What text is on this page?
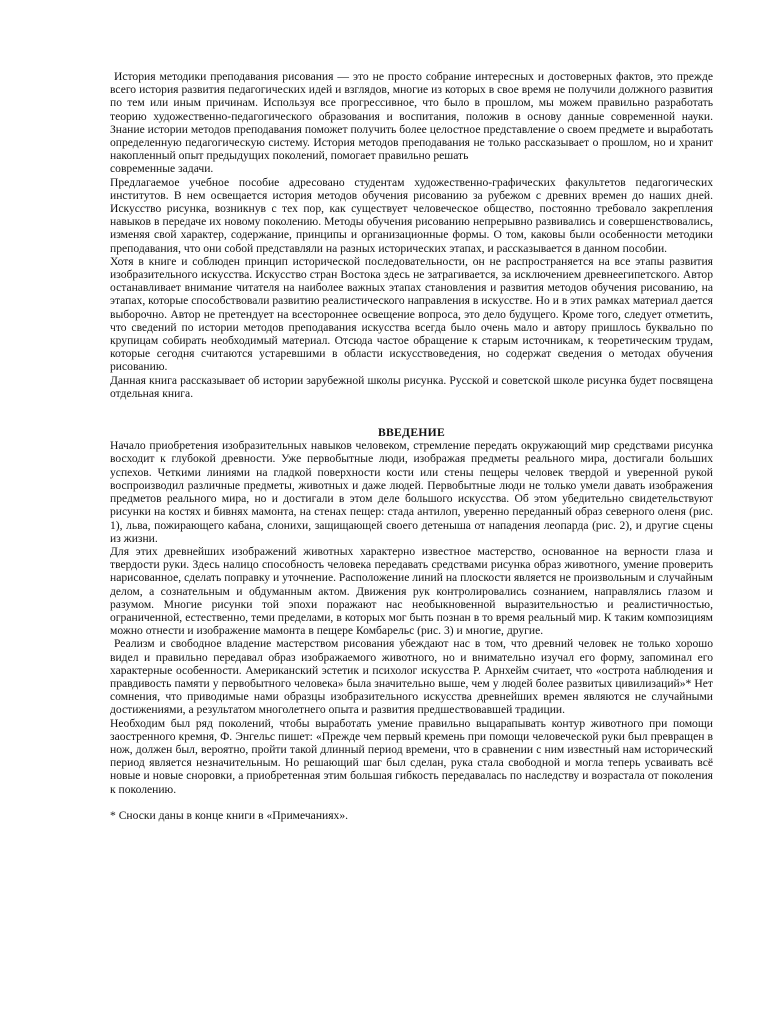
История методики преподавания рисования — это не просто собрание интересных и достоверных фактов, это прежде всего история развития педагогических идей и взглядов, многие из которых в свое время не получили должного развития по тем или иным причинам. Используя все прогрессивное, что было в прошлом, мы можем правильно разработать теорию художественно-педагогического образования и воспитания, положив в основу данные современной науки. Знание истории методов преподавания поможет получить более целостное представление о своем предмете и выработать определенную педагогическую систему. История методов преподавания не только рассказывает о прошлом, но и хранит накопленный опыт предыдущих поколений, помогает правильно решать

современные задачи.

Предлагаемое учебное пособие адресовано студентам художественно-графических факультетов педагогических институтов. В нем освещается история методов обучения рисованию за рубежом с древних времен до наших дней. Искусство рисунка, возникнув с тех пор, как существует человеческое общество, постоянно требовало закрепления навыков в передаче их новому поколению. Методы обучения рисованию непрерывно развивались и совершенствовались, изменяя свой характер, содержание, принципы и организационные формы. О том, каковы были особенности методики преподавания, что они собой представляли на разных исторических этапах, и рассказывается в данном пособии.

Хотя в книге и соблюден принцип исторической последовательности, он не распространяется на все этапы развития изобразительного искусства. Искусство стран Востока здесь не затрагивается, за исключением древнеегипетского. Автор останавливает внимание читателя на наиболее важных этапах становления и развития методов обучения рисованию, на этапах, которые способствовали развитию реалистического направления в искусстве. Но и в этих рамках материал дается выборочно. Автор не претендует на всестороннее освещение вопроса, это дело будущего. Кроме того, следует отметить, что сведений по истории методов преподавания искусства всегда было очень мало и автору пришлось буквально по крупицам собирать необходимый материал. Отсюда частое обращение к старым источникам, к теоретическим трудам, которые сегодня считаются устаревшими в области искусствоведения, но содержат сведения о методах обучения рисованию.

Данная книга рассказывает об истории зарубежной школы рисунка. Русской и советской школе рисунка будет посвящена отдельная книга.

ВВЕДЕНИЕ

Начало приобретения изобразительных навыков человеком, стремление передать окружающий мир средствами рисунка восходит к глубокой древности. Уже первобытные люди, изображая предметы реального мира, достигали больших успехов. Четкими линиями на гладкой поверхности кости или стены пещеры человек твердой и уверенной рукой воспроизводил различные предметы, животных и даже людей. Первобытные люди не только умели давать изображения предметов реального мира, но и достигали в этом деле большого искусства. Об этом убедительно свидетельствуют рисунки на костях и бивнях мамонта, на стенах пещер: стада антилоп, уверенно переданный образ северного оленя (рис. 1), льва, пожирающего кабана, слонихи, защищающей своего детеныша от нападения леопарда (рис. 2), и другие сцены из жизни.

Для этих древнейших изображений животных характерно известное мастерство, основанное на верности глаза и твердости руки. Здесь налицо способность человека передавать средствами рисунка образ животного, умение проверить нарисованное, сделать поправку и уточнение. Расположение линий на плоскости является не произвольным и случайным делом, а сознательным и обдуманным актом. Движения рук контролировались сознанием, направлялись глазом и разумом. Многие рисунки той эпохи поражают нас необыкновенной выразительностью и реалистичностью, ограниченной, естественно, теми пределами, в которых мог быть познан в то время реальный мир. К таким композициям можно отнести и изображение мамонта в пещере Комбарельс (рис. 3) и многие, другие.

Реализм и свободное владение мастерством рисования убеждают нас в том, что древний человек не только хорошо видел и правильно передавал образ изображаемого животного, но и внимательно изучал его форму, запоминал его характерные особенности. Американский эстетик и психолог искусства Р. Арнхейм считает, что «острота наблюдения и правдивость памяти у первобытного человека» была значительно выше, чем у людей более развитых цивилизаций»* Нет сомнения, что приводимые нами образцы изобразительного искусства древнейших времен являются не случайными достижениями, а результатом многолетнего опыта и развития предшествовавшей традиции.

Необходим был ряд поколений, чтобы выработать умение правильно выцарапывать контур животного при помощи заостренного кремня, Ф. Энгельс пишет: «Прежде чем первый кремень при помощи человеческой руки был превращен в нож, должен был, вероятно, пройти такой длинный период времени, что в сравнении с ним известный нам исторический период является незначительным. Но решающий шаг был сделан, рука стала свободной и могла теперь усваивать всё новые и новые сноровки, а приобретенная этим большая гибкость передавалась по наследству и возрастала от поколения к поколению.

* Сноски даны в конце книги в «Примечаниях».
